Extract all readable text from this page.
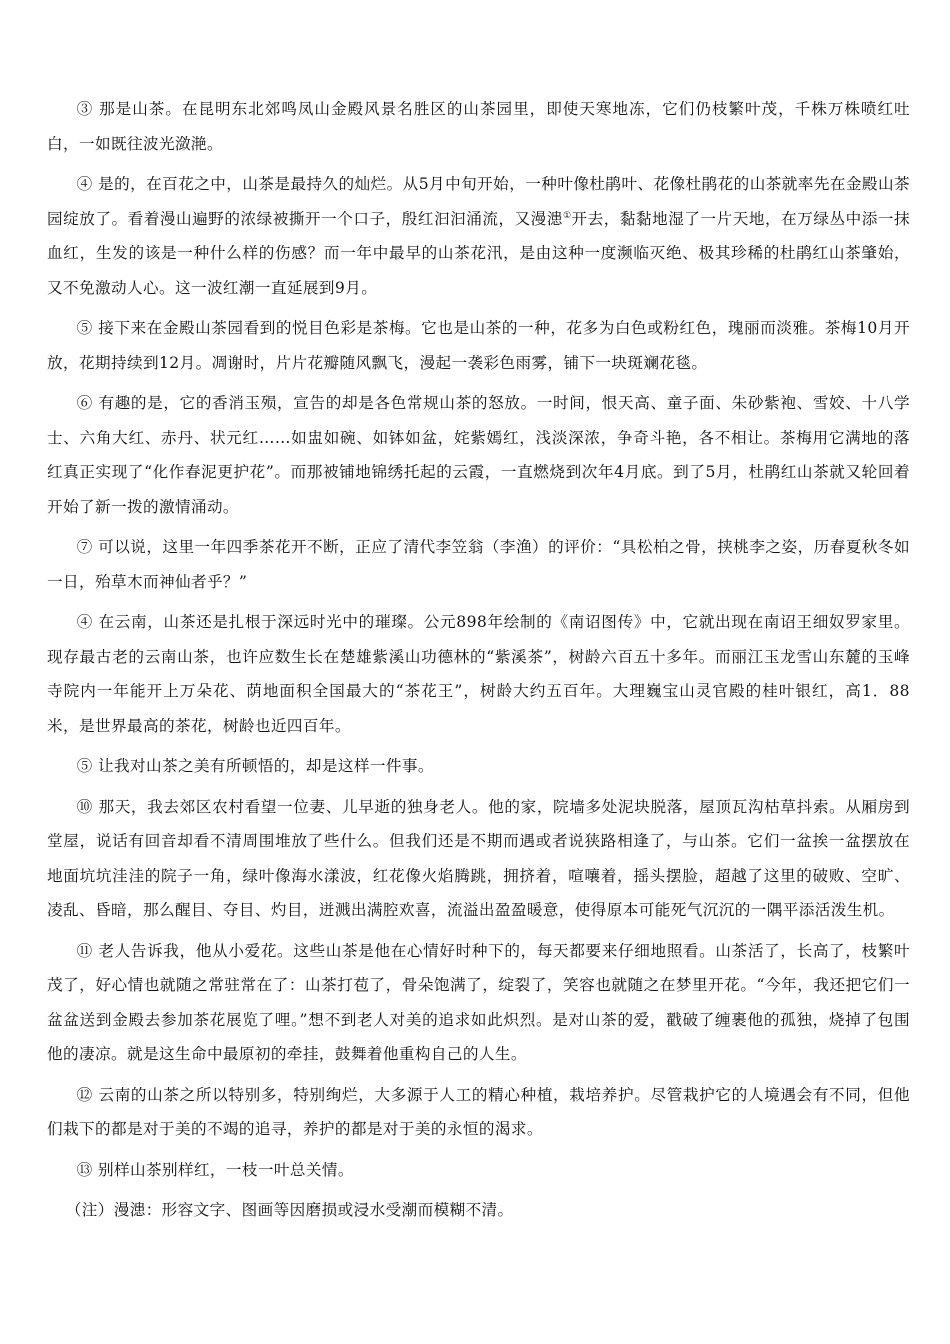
③ 那是山茶。在昆明东北郊鸣凤山金殿风景名胜区的山茶园里，即使天寒地冻，它们仍枝繁叶茂，千株万株喷红吐白，一如既往波光潋滟。

④ 是的，在百花之中，山茶是最持久的灿烂。从5月中旬开始，一种叶像杜鹃叶、花像杜鹃花的山茶就率先在金殿山茶园绽放了。看着漫山遍野的浓绿被撕开一个口子，殷红汩汩涌流，又漫漶①开去，黏黏地湿了一片天地，在万绿丛中添一抹血红，生发的该是一种什么样的伤感？而一年中最早的山茶花汛，是由这种一度濒临灭绝、极其珍稀的杜鹃红山茶肇始，又不免激动人心。这一波红潮一直延展到9月。

⑤ 接下来在金殿山茶园看到的悦目色彩是茶梅。它也是山茶的一种，花多为白色或粉红色，瑰丽而淡雅。茶梅10月开放，花期持续到12月。凋谢时，片片花瓣随风飘飞，漫起一袭彩色雨雾，铺下一块斑斓花毯。

⑥ 有趣的是，它的香消玉殒，宣告的却是各色常规山茶的怒放。一时间，恨天高、童子面、朱砂紫袍、雪姣、十八学士、六角大红、赤丹、状元红……如盅如碗、如钵如盆，姹紫嫣红，浅淡深浓，争奇斗艳，各不相让。茶梅用它满地的落红真正实现了“化作春泥更护花”。而那被铺地锦绣托起的云霞，一直燃烧到次年4月底。到了5月，杜鹃红山茶就又轮回着开始了新一拨的激情涌动。

⑦ 可以说，这里一年四季茶花开不断，正应了清代李笠翁（李渔）的评价：“具松柏之骨，挟桃李之姿，历春夏秋冬如一日，殆草木而神仙者乎？”

④ 在云南，山茶还是扎根于深远时光中的璀璨。公元898年绘制的《南诏图传》中，它就出现在南诏王细奴罗家里。现存最古老的云南山茶，也许应数生长在楚雄紫溪山功德林的“紫溪茶”，树龄六百五十多年。而丽江玉龙雪山东麓的玉峰寺院内一年能开上万朵花、荫地面积全国最大的“茶花王”，树龄大约五百年。大理巍宝山灵官殿的桂叶银红，高1．88米，是世界最高的茶花，树龄也近四百年。

⑤ 让我对山茶之美有所顿悟的，却是这样一件事。

⑩ 那天，我去郊区农村看望一位妻、儿早逝的独身老人。他的家，院墙多处泥块脱落，屋顶瓦沟枯草抖索。从厢房到堂屋，说话有回音却看不清周围堆放了些什么。但我们还是不期而遇或者说狭路相逢了，与山茶。它们一盆挨一盆摆放在地面坑坑洼洼的院子一角，绿叶像海水漾波，红花像火焰腾跳，拥挤着，喧嚷着，摇头摆脸，超越了这里的破败、空旷、凌乱、昏暗，那么醒目、夺目、灼目，迸溅出满腔欢喜，流溢出盈盈暖意，使得原本可能死气沉沉的一隅平添活泼生机。

⑪ 老人告诉我，他从小爱花。这些山茶是他在心情好时种下的，每天都要来仔细地照看。山茶活了，长高了，枝繁叶茂了，好心情也就随之常驻常在了：山茶打苞了，骨朵饱满了，绽裂了，笑容也就随之在梦里开花。“今年，我还把它们一盆盆送到金殿去参加茶花展览了哩。”想不到老人对美的追求如此炽烈。是对山茶的爱，戳破了缠裹他的孤独，烧掉了包围他的凄凉。就是这生命中最原初的牵挂，鼓舞着他重构自己的人生。

⑫ 云南的山茶之所以特别多，特别绚烂，大多源于人工的精心种植，栽培养护。尽管栽护它的人境遇会有不同，但他们栽下的都是对于美的不竭的追寻，养护的都是对于美的永恒的渴求。

⑬ 别样山茶别样红，一枝一叶总关情。

（注）漫漶：形容文字、图画等因磨损或浸水受潮而模糊不清。
